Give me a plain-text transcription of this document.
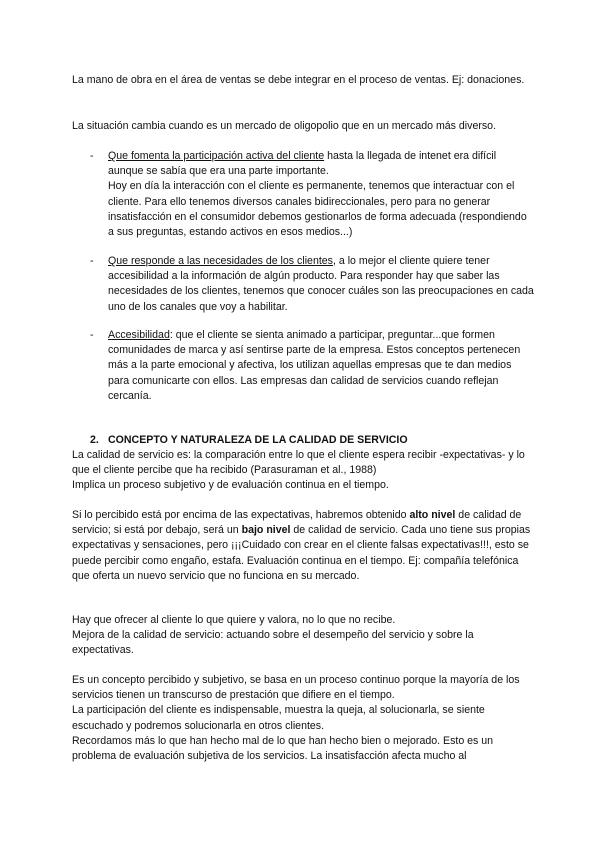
La mano de obra en el área de ventas se debe integrar en el proceso de ventas. Ej: donaciones.

La situación cambia cuando es un mercado de oligopolio que en un mercado más diverso.

- Que fomenta la participación activa del cliente hasta la llegada de intenet era difícil aunque se sabía que era una parte importante.

Hoy en día la interacción con el cliente es permanente, tenemos que interactuar con el cliente. Para ello tenemos diversos canales bidireccionales, pero para no generar insatisfacción en el consumidor debemos gestionarlos de forma adecuada (respondiendo a sus preguntas, estando activos en esos medios...)

- Que responde a las necesidades de los clientes, a lo mejor el cliente quiere tener accesibilidad a la información de algún producto. Para responder hay que saber las necesidades de los clientes, tenemos que conocer cuáles son las preocupaciones en cada uno de los canales que voy a habilitar.

- Accesibilidad: que el cliente se sienta animado a participar, preguntar...que formen comunidades de marca y así sentirse parte de la empresa. Estos conceptos pertenecen más a la parte emocional y afectiva, los utilizan aquellas empresas que te dan medios para comunicarte con ellos. Las empresas dan calidad de servicios cuando reflejan cercanía.

2. CONCEPTO Y NATURALEZA DE LA CALIDAD DE SERVICIO

La calidad de servicio es: la comparación entre lo que el cliente espera recibir -expectativas- y lo que el cliente percibe que ha recibido (Parasuraman et al., 1988)

Implica un proceso subjetivo y de evaluación continua en el tiempo.

Si lo percibido está por encima de las expectativas, habremos obtenido alto nivel de calidad de servicio; si está por debajo, será un bajo nivel de calidad de servicio. Cada uno tiene sus propias expectativas y sensaciones, pero ¡¡¡Cuidado con crear en el cliente falsas expectativas!!!, esto se puede percibir como engaño, estafa. Evaluación continua en el tiempo. Ej: compañía telefónica que oferta un nuevo servicio que no funciona en su mercado.

Hay que ofrecer al cliente lo que quiere y valora, no lo que no recibe.

Mejora de la calidad de servicio: actuando sobre el desempeño del servicio y sobre la expectativas.

Es un concepto percibido y subjetivo, se basa en un proceso continuo porque la mayoría de los servicios tienen un transcurso de prestación que difiere en el tiempo.

La participación del cliente es indispensable, muestra la queja, al solucionarla, se siente escuchado y podremos solucionarla en otros clientes.

Recordamos más lo que han hecho mal de lo que han hecho bien o mejorado. Esto es un problema de evaluación subjetiva de los servicios. La insatisfacción afecta mucho al
